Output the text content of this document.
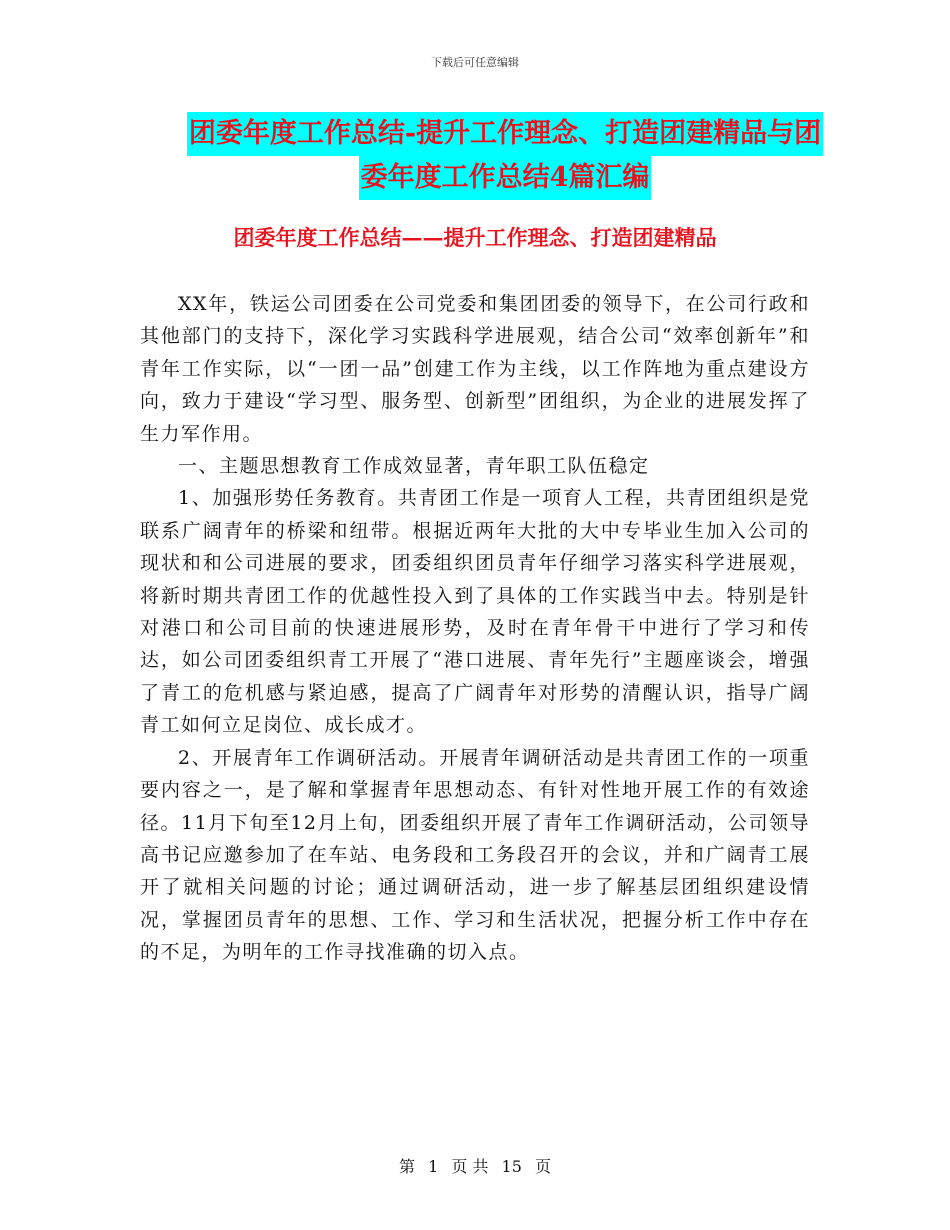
下载后可任意编辑
团委年度工作总结-提升工作理念、打造团建精品与团
委年度工作总结4篇汇编
团委年度工作总结——提升工作理念、打造团建精品

XX年，铁运公司团委在公司党委和集团团委的领导下，在公司行政和其他部门的支持下，深化学习实践科学进展观，结合公司“效率创新年”和青年工作实际，以“一团一品”创建工作为主线，以工作阵地为重点建设方向，致力于建设“学习型、服务型、创新型”团组织，为企业的进展发挥了生力军作用。

一、主题思想教育工作成效显著，青年职工队伍稳定

1、加强形势任务教育。共青团工作是一项育人工程，共青团组织是党联系广阔青年的桥梁和纽带。根据近两年大批的大中专毕业生加入公司的现状和和公司进展的要求，团委组织团员青年仔细学习落实科学进展观，将新时期共青团工作的优越性投入到了具体的工作实践当中去。特别是针对港口和公司目前的快速进展形势，及时在青年骨干中进行了学习和传达，如公司团委组织青工开展了“港口进展、青年先行”主题座谈会，增强了青工的危机感与紧迫感，提高了广阔青年对形势的清醒认识，指导广阔青工如何立足岗位、成长成才。

2、开展青年工作调研活动。开展青年调研活动是共青团工作的一项重要内容之一，是了解和掌握青年思想动态、有针对性地开展工作的有效途径。11月下旬至12月上旬，团委组织开展了青年工作调研活动，公司领导高书记应邀参加了在车站、电务段和工务段召开的会议，并和广阔青工展开了就相关问题的讨论；通过调研活动，进一步了解基层团组织建设情况，掌握团员青年的思想、工作、学习和生活状况，把握分析工作中存在的不足，为明年的工作寻找准确的切入点。

第 1 页 共 15 页
